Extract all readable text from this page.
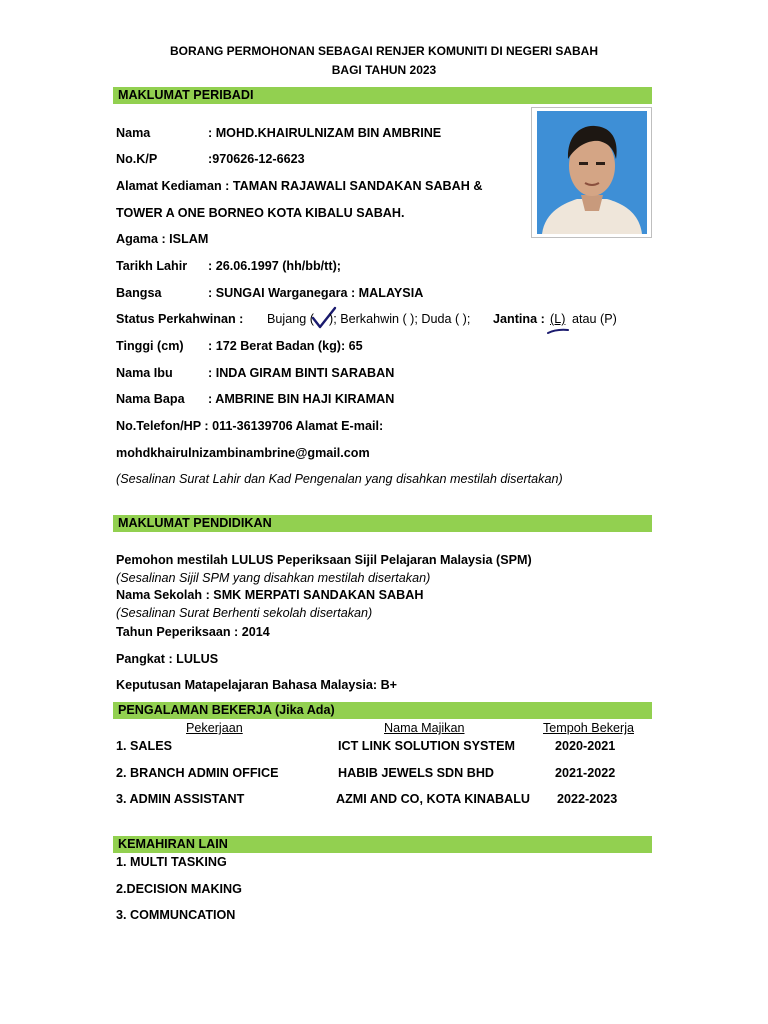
BORANG PERMOHONAN SEBAGAI RENJER KOMUNITI DI NEGERI SABAH
BAGI TAHUN 2023
MAKLUMAT PERIBADI
Nama	: MOHD.KHAIRULNIZAM BIN AMBRINE
No.K/P	:970626-12-6623
Alamat Kediaman : TAMAN RAJAWALI SANDAKAN SABAH &
TOWER A ONE BORNEO KOTA KIBALU SABAH.
Agama : ISLAM
Tarikh Lahir : 26.06.1997 (hh/bb/tt);
Bangsa	: SUNGAI Warganegara : MALAYSIA
Status Perkahwinan : Bujang ( ); Berkahwin ( ); Duda ( ); Jantina : (L) atau (P)
Tinggi (cm) : 172 Berat Badan (kg): 65
Nama Ibu	: INDA GIRAM BINTI SARABAN
Nama Bapa : AMBRINE BIN HAJI KIRAMAN
No.Telefon/HP : 011-36139706 Alamat E-mail:
mohdkhairulnizambinambrine@gmail.com
(Sesalinan Surat Lahir dan Kad Pengenalan yang disahkan mestilah disertakan)
MAKLUMAT PENDIDIKAN
Pemohon mestilah LULUS Peperiksaan Sijil Pelajaran Malaysia (SPM)
(Sesalinan Sijil SPM yang disahkan mestilah disertakan)
Nama Sekolah : SMK MERPATI SANDAKAN SABAH
(Sesalinan Surat Berhenti sekolah disertakan)
Tahun Peperiksaan : 2014
Pangkat : LULUS
Keputusan Matapelajaran Bahasa Malaysia: B+
PENGALAMAN BEKERJA (Jika Ada)
Pekerjaan	Nama Majikan	Tempoh Bekerja
1. SALES	ICT LINK SOLUTION SYSTEM	2020-2021
2. BRANCH ADMIN OFFICE	HABIB JEWELS SDN BHD	2021-2022
3. ADMIN ASSISTANT	AZMI AND CO, KOTA KINABALU 2022-2023
KEMAHIRAN LAIN
1. MULTI TASKING
2.DECISION MAKING
3. COMMUNCATION
